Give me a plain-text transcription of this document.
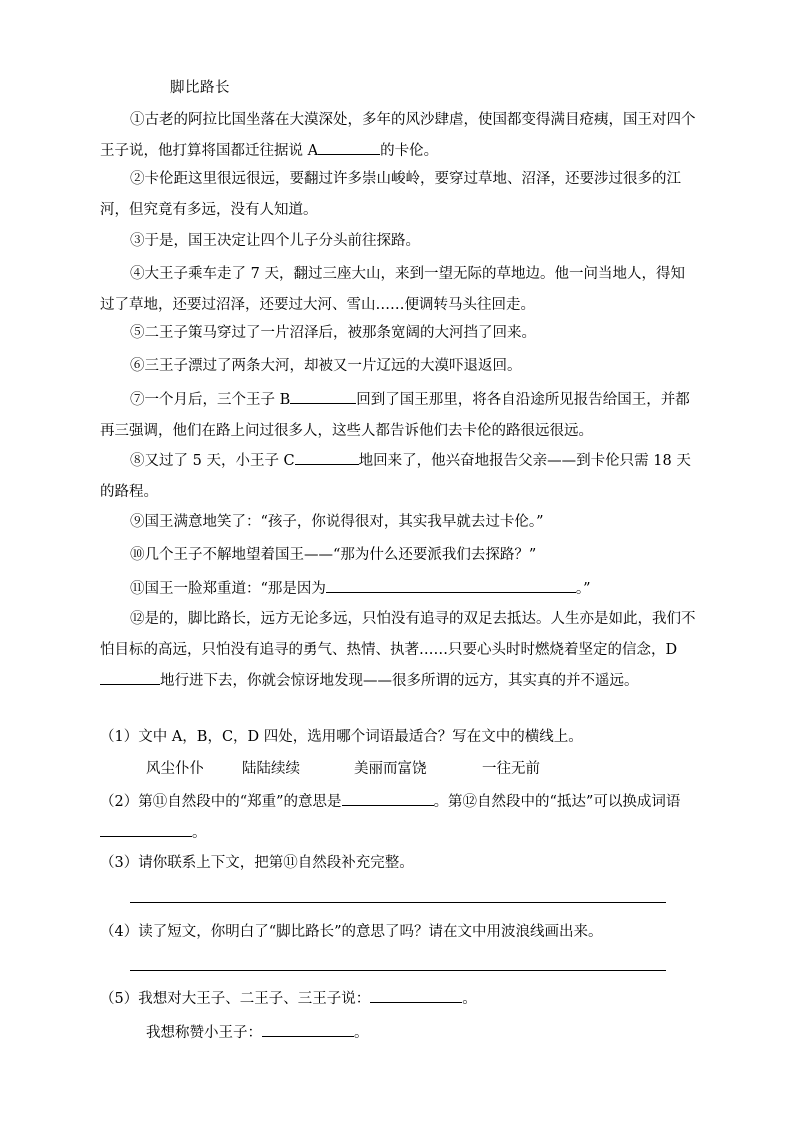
脚比路长
①古老的阿拉比国坐落在大漠深处，多年的风沙肆虐，使国都变得满目疮痍，国王对四个王子说，他打算将国都迁往据说 A	的卡伦。
②卡伦距这里很远很远，要翻过许多崇山峻岭，要穿过草地、沼泽，还要涉过很多的江河，但究竟有多远，没有人知道。
③于是，国王决定让四个儿子分头前往探路。
④大王子乘车走了 7 天，翻过三座大山，来到一望无际的草地边。他一问当地人，得知过了草地，还要过沼泽，还要过大河、雪山……便调转马头往回走。
⑤二王子策马穿过了一片沼泽后，被那条宽阔的大河挡了回来。
⑥三王子漂过了两条大河，却被又一片辽远的大漠吓退返回。
⑦一个月后，三个王子 B	回到了国王那里，将各自沿途所见报告给国王，并都再三强调，他们在路上问过很多人，这些人都告诉他们去卡伦的路很远很远。
⑧又过了 5 天，小王子 C	地回来了，他兴奋地报告父亲——到卡伦只需 18 天的路程。
⑨国王满意地笑了：“孩子，你说得很对，其实我早就去过卡伦。”
⑩几个王子不解地望着国王——“那为什么还要派我们去探路？”
⑪国王一脸郑重道：“那是因为	。”
⑫是的，脚比路长，远方无论多远，只怕没有追寻的双足去抵达。人生亦是如此，我们不怕目标的高远，只怕没有追寻的勇气、热情、执著……只要心头时时燃烧着坚定的信念，D地行进下去，你就会惊讶地发现——很多所谓的远方，其实真的并不遥远。
（1）文中 A，B，C，D 四处，选用哪个词语最适合？写在文中的横线上。
风尘仆仆	陆陆续续	美丽而富饶	一往无前
（2）第⑪自然段中的“郑重”的意思是	。第⑫自然段中的“抵达”可以换成词语。
（3）请你联系上下文，把第⑪自然段补充完整。
（4）读了短文，你明白了“脚比路长”的意思了吗？请在文中用波浪线画出来。
（5）我想对大王子、二王子、三王子说：	。
我想称赞小王子：	。
